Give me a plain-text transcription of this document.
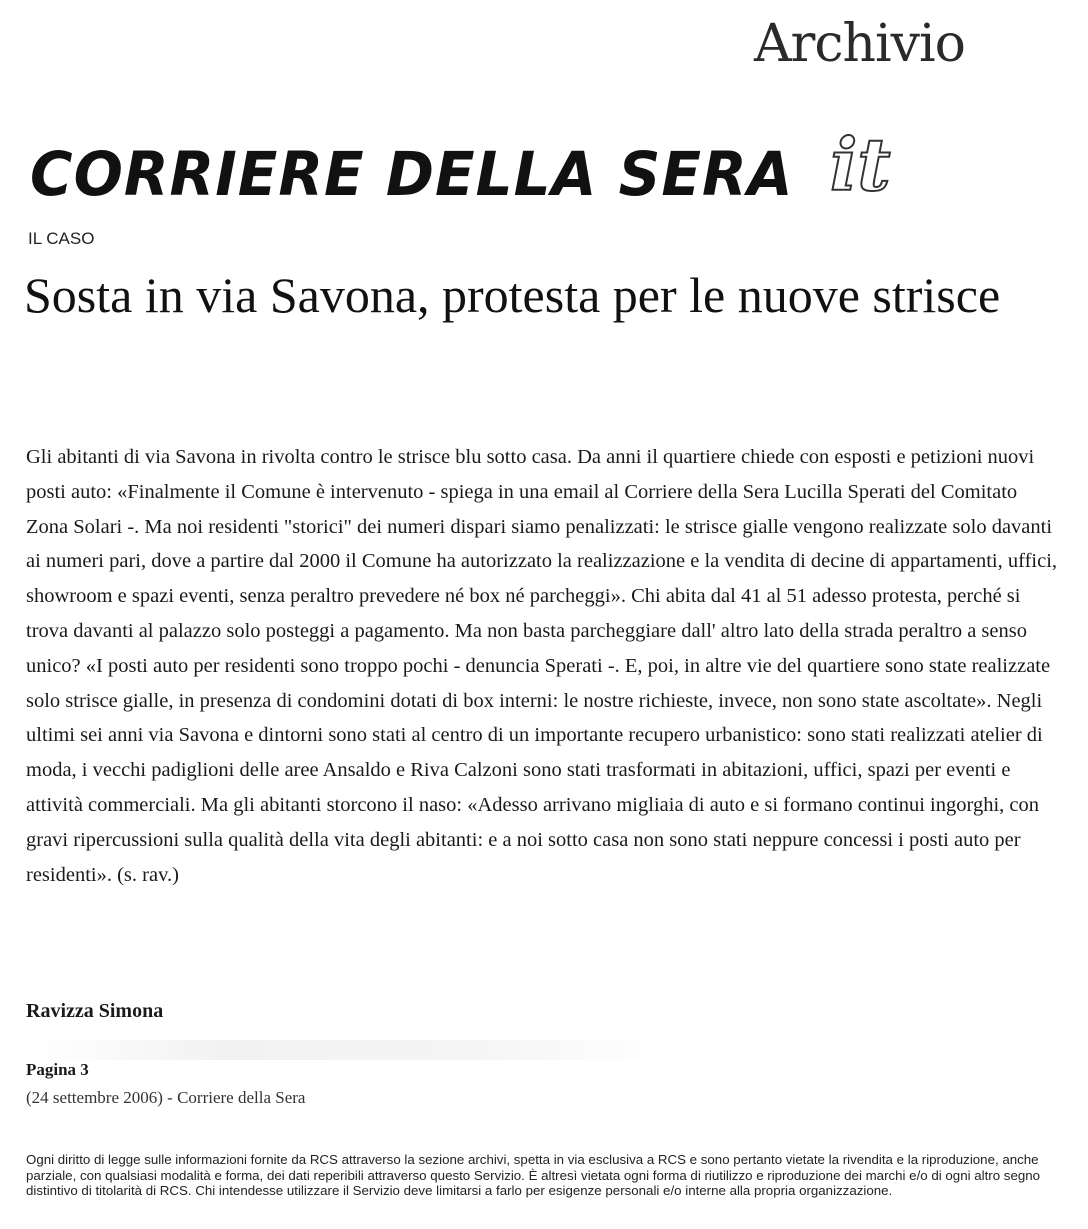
Archivio
CORRIERE DELLA SERA it
IL CASO
Sosta in via Savona, protesta per le nuove strisce

Gli abitanti di via Savona in rivolta contro le strisce blu sotto casa. Da anni il quartiere chiede con esposti e petizioni nuovi posti auto: «Finalmente il Comune è intervenuto - spiega in una email al Corriere della Sera Lucilla Sperati del Comitato Zona Solari -. Ma noi residenti "storici" dei numeri dispari siamo penalizzati: le strisce gialle vengono realizzate solo davanti ai numeri pari, dove a partire dal 2000 il Comune ha autorizzato la realizzazione e la vendita di decine di appartamenti, uffici, showroom e spazi eventi, senza peraltro prevedere né box né parcheggi». Chi abita dal 41 al 51 adesso protesta, perché si trova davanti al palazzo solo posteggi a pagamento. Ma non basta parcheggiare dall' altro lato della strada peraltro a senso unico? «I posti auto per residenti sono troppo pochi - denuncia Sperati -. E, poi, in altre vie del quartiere sono state realizzate solo strisce gialle, in presenza di condomini dotati di box interni: le nostre richieste, invece, non sono state ascoltate». Negli ultimi sei anni via Savona e dintorni sono stati al centro di un importante recupero urbanistico: sono stati realizzati atelier di moda, i vecchi padiglioni delle aree Ansaldo e Riva Calzoni sono stati trasformati in abitazioni, uffici, spazi per eventi e attività commerciali. Ma gli abitanti storcono il naso: «Adesso arrivano migliaia di auto e si formano continui ingorghi, con gravi ripercussioni sulla qualità della vita degli abitanti: e a noi sotto casa non sono stati neppure concessi i posti auto per residenti». (s. rav.)

Ravizza Simona
Pagina 3
(24 settembre 2006) - Corriere della Sera

Ogni diritto di legge sulle informazioni fornite da RCS attraverso la sezione archivi, spetta in via esclusiva a RCS e sono pertanto vietate la rivendita e la riproduzione, anche parziale, con qualsiasi modalità e forma, dei dati reperibili attraverso questo Servizio. È altresì vietata ogni forma di riutilizzo e riproduzione dei marchi e/o di ogni altro segno distintivo di titolarità di RCS. Chi intendesse utilizzare il Servizio deve limitarsi a farlo per esigenze personali e/o interne alla propria organizzazione.
